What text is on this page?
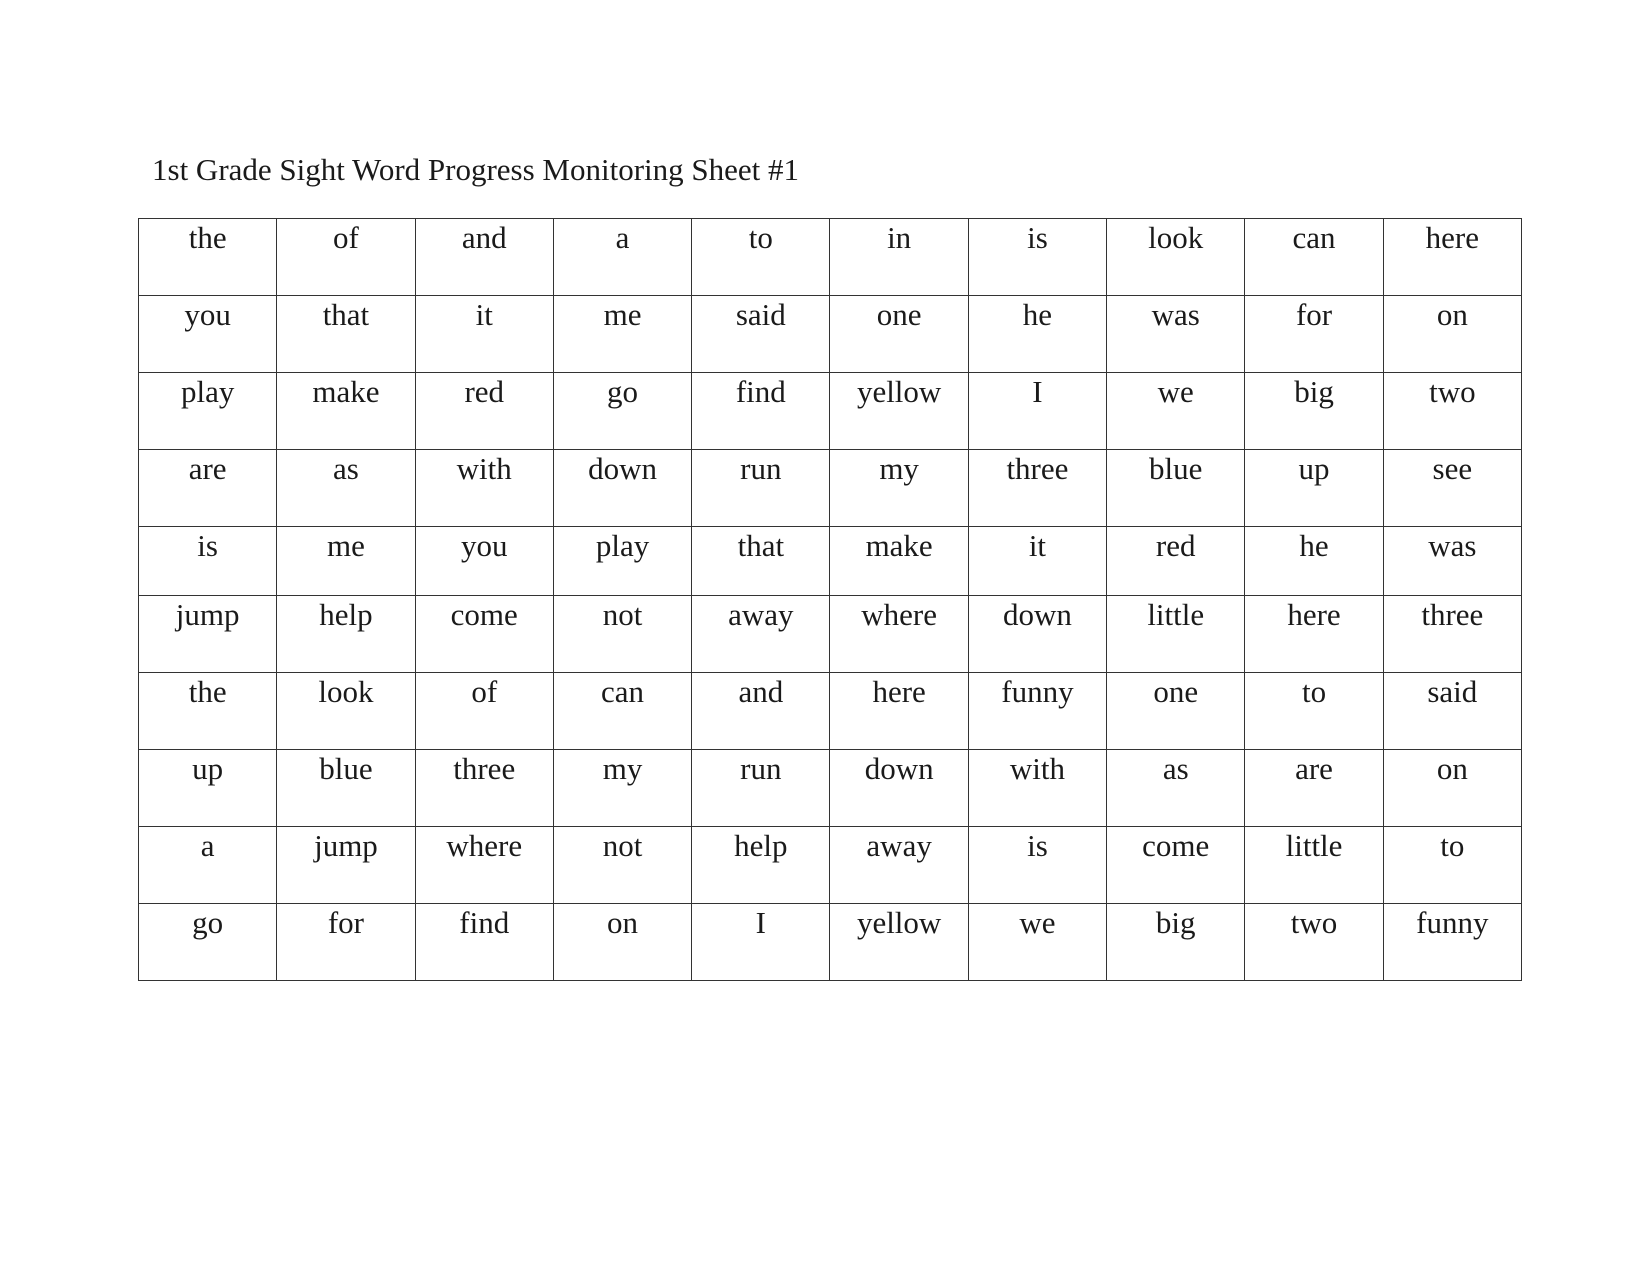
1st Grade Sight Word Progress Monitoring Sheet #1
the	of	and	a	to	in	is	look	can	here
you	that	it	me	said	one	he	was	for	on
play	make	red	go	find	yellow	I	we	big	two
are	as	with	down	run	my	three	blue	up	see
is	me	you	play	that	make	it	red	he	was
jump	help	come	not	away	where	down	little	here	three
the	look	of	can	and	here	funny	one	to	said
up	blue	three	my	run	down	with	as	are	on
a	jump	where	not	help	away	is	come	little	to
go	for	find	on	I	yellow	we	big	two	funny
